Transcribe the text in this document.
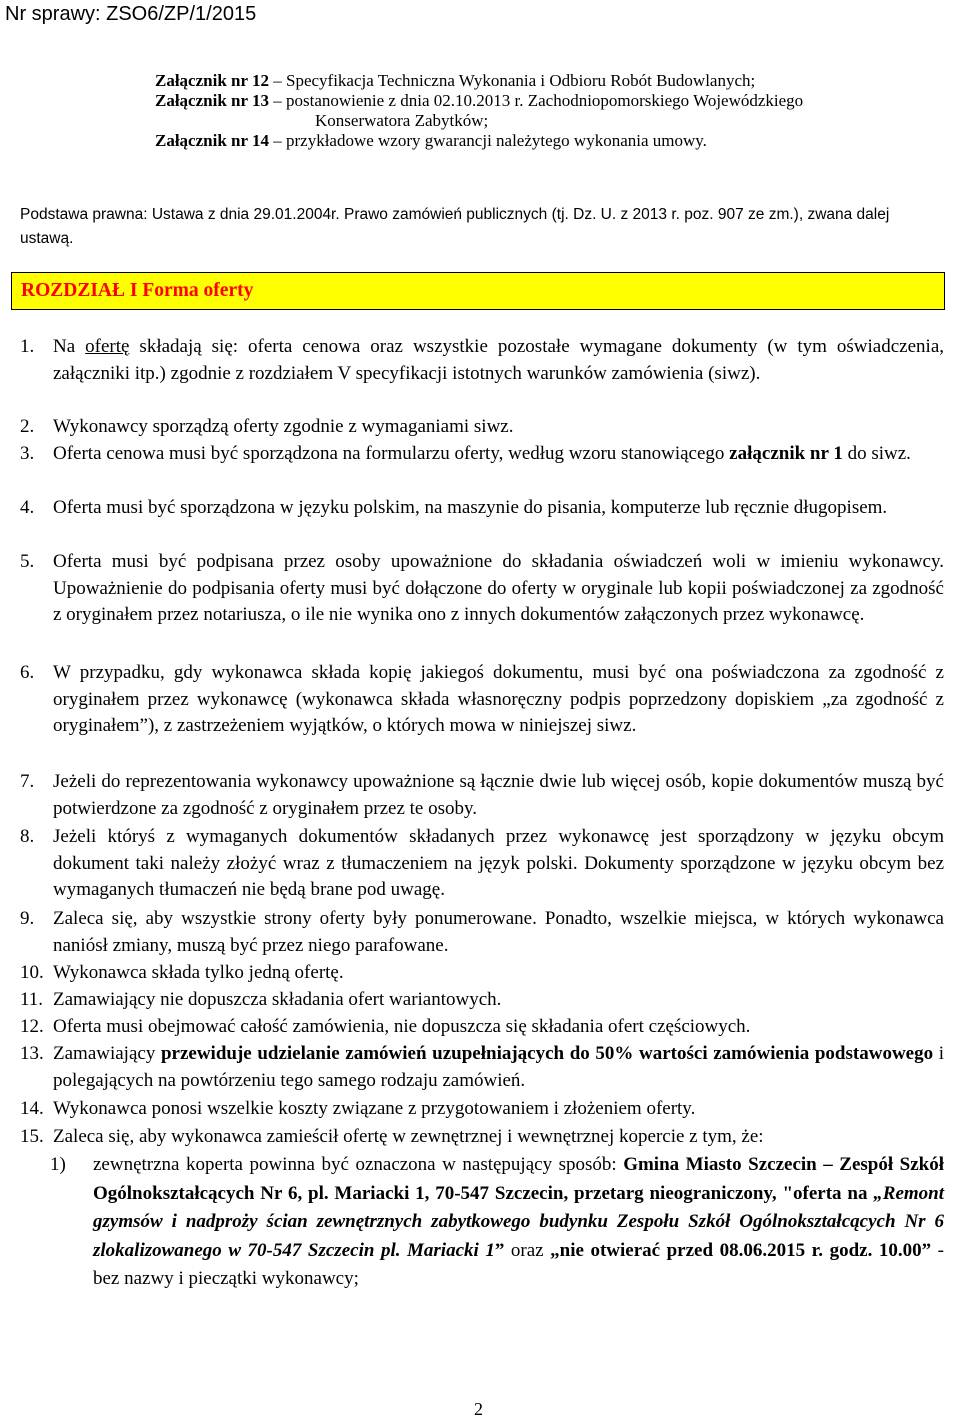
Nr sprawy: ZSO6/ZP/1/2015

Załącznik nr 12 – Specyfikacja Techniczna Wykonania i Odbioru Robót Budowlanych;

Załącznik nr 13 – postanowienie z dnia 02.10.2013 r. Zachodniopomorskiego Wojewódzkiego

Konserwatora Zabytków;

Załącznik nr 14 – przykładowe wzory gwarancji należytego wykonania umowy.

Podstawa prawna: Ustawa z dnia 29.01.2004r. Prawo zamówień publicznych (tj. Dz. U. z 2013 r. poz. 907 ze zm.), zwana dalej ustawą.

ROZDZIAŁ I Forma oferty
1. Na ofertę składają się: oferta cenowa oraz wszystkie pozostałe wymagane dokumenty (w tym oświadczenia, załączniki itp.) zgodnie z rozdziałem V specyfikacji istotnych warunków zamówienia (siwz).
2. Wykonawcy sporządzą oferty zgodnie z wymaganiami siwz.
3. Oferta cenowa musi być sporządzona na formularzu oferty, według wzoru stanowiącego załącznik nr 1 do siwz.
4. Oferta musi być sporządzona w języku polskim, na maszynie do pisania, komputerze lub ręcznie długopisem.
5. Oferta musi być podpisana przez osoby upoważnione do składania oświadczeń woli w imieniu wykonawcy. Upoważnienie do podpisania oferty musi być dołączone do oferty w oryginale lub kopii poświadczonej za zgodność z oryginałem przez notariusza, o ile nie wynika ono z innych dokumentów załączonych przez wykonawcę.
6. W przypadku, gdy wykonawca składa kopię jakiegoś dokumentu, musi być ona poświadczona za zgodność z oryginałem przez wykonawcę (wykonawca składa własnoręczny podpis poprzedzony dopiskiem „za zgodność z oryginałem”), z zastrzeżeniem wyjątków, o których mowa w niniejszej siwz.
7. Jeżeli do reprezentowania wykonawcy upoważnione są łącznie dwie lub więcej osób, kopie dokumentów muszą być potwierdzone za zgodność z oryginałem przez te osoby.
8. Jeżeli któryś z wymaganych dokumentów składanych przez wykonawcę jest sporządzony w języku obcym dokument taki należy złożyć wraz z tłumaczeniem na język polski. Dokumenty sporządzone w języku obcym bez wymaganych tłumaczeń nie będą brane pod uwagę.
9. Zaleca się, aby wszystkie strony oferty były ponumerowane. Ponadto, wszelkie miejsca, w których wykonawca naniósł zmiany, muszą być przez niego parafowane.
10. Wykonawca składa tylko jedną ofertę.
11. Zamawiający nie dopuszcza składania ofert wariantowych.
12. Oferta musi obejmować całość zamówienia, nie dopuszcza się składania ofert częściowych.
13. Zamawiający przewiduje udzielanie zamówień uzupełniających do 50% wartości zamówienia podstawowego i polegających na powtórzeniu tego samego rodzaju zamówień.
14. Wykonawca ponosi wszelkie koszty związane z przygotowaniem i złożeniem oferty.
15. Zaleca się, aby wykonawca zamieścił ofertę w zewnętrznej i wewnętrznej kopercie z tym, że:
1) zewnętrzna koperta powinna być oznaczona w następujący sposób: Gmina Miasto Szczecin – Zespół Szkół Ogólnokształcących Nr 6, pl. Mariacki 1, 70-547 Szczecin, przetarg nieograniczony, "oferta na „Remont gzymsów i nadproży ścian zewnętrznych zabytkowego budynku Zespołu Szkół Ogólnokształcących Nr 6 zlokalizowanego w 70-547 Szczecin pl. Mariacki 1” oraz „nie otwierać przed 08.06.2015 r. godz. 10.00” - bez nazwy i pieczątki wykonawcy;
2
